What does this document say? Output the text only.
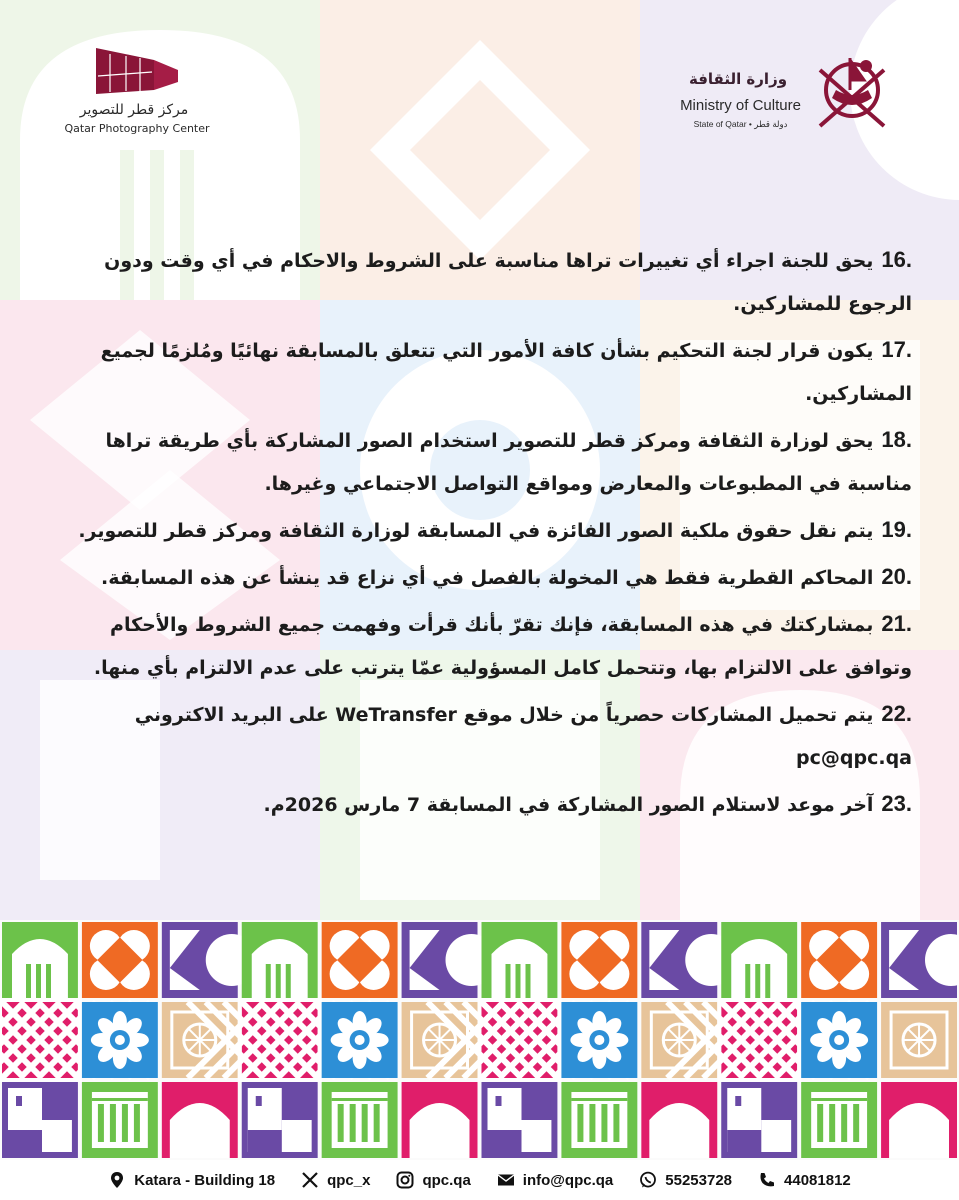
مركز قطر للتصوير
Qatar Photography Center
وزارة الثقافة
Ministry of Culture
State of Qatar • دولة قطر
16.يحق للجنة اجراء أي تغييرات تراها مناسبة على الشروط والاحكام في أي وقت ودون الرجوع للمشاركين.
17.يكون قرار لجنة التحكيم بشأن كافة الأمور التي تتعلق بالمسابقة نهائيًا ومُلزمًا لجميع المشاركين.
18.يحق لوزارة الثقافة ومركز قطر للتصوير استخدام الصور المشاركة بأي طريقة تراها مناسبة في المطبوعات والمعارض ومواقع التواصل الاجتماعي وغيرها.
19.يتم نقل حقوق ملكية الصور الفائزة في المسابقة لوزارة الثقافة ومركز قطر للتصوير.
20.المحاكم القطرية فقط هي المخولة بالفصل في أي نزاع قد ينشأ عن هذه المسابقة.
21.بمشاركتك في هذه المسابقة، فإنك تقرّ بأنك قرأت وفهمت جميع الشروط والأحكام وتوافق على الالتزام بها، وتتحمل كامل المسؤولية عمّا يترتب على عدم الالتزام بأي منها.
22.يتم تحميل المشاركات حصرياً من خلال موقع WeTransfer على البريد الاكتروني pc@qpc.qa
23.آخر موعد لاستلام الصور المشاركة في المسابقة 7 مارس 2026م.
Katara - Building 18	qpc_x	qpc.qa	info@qpc.qa	55253728	44081812
